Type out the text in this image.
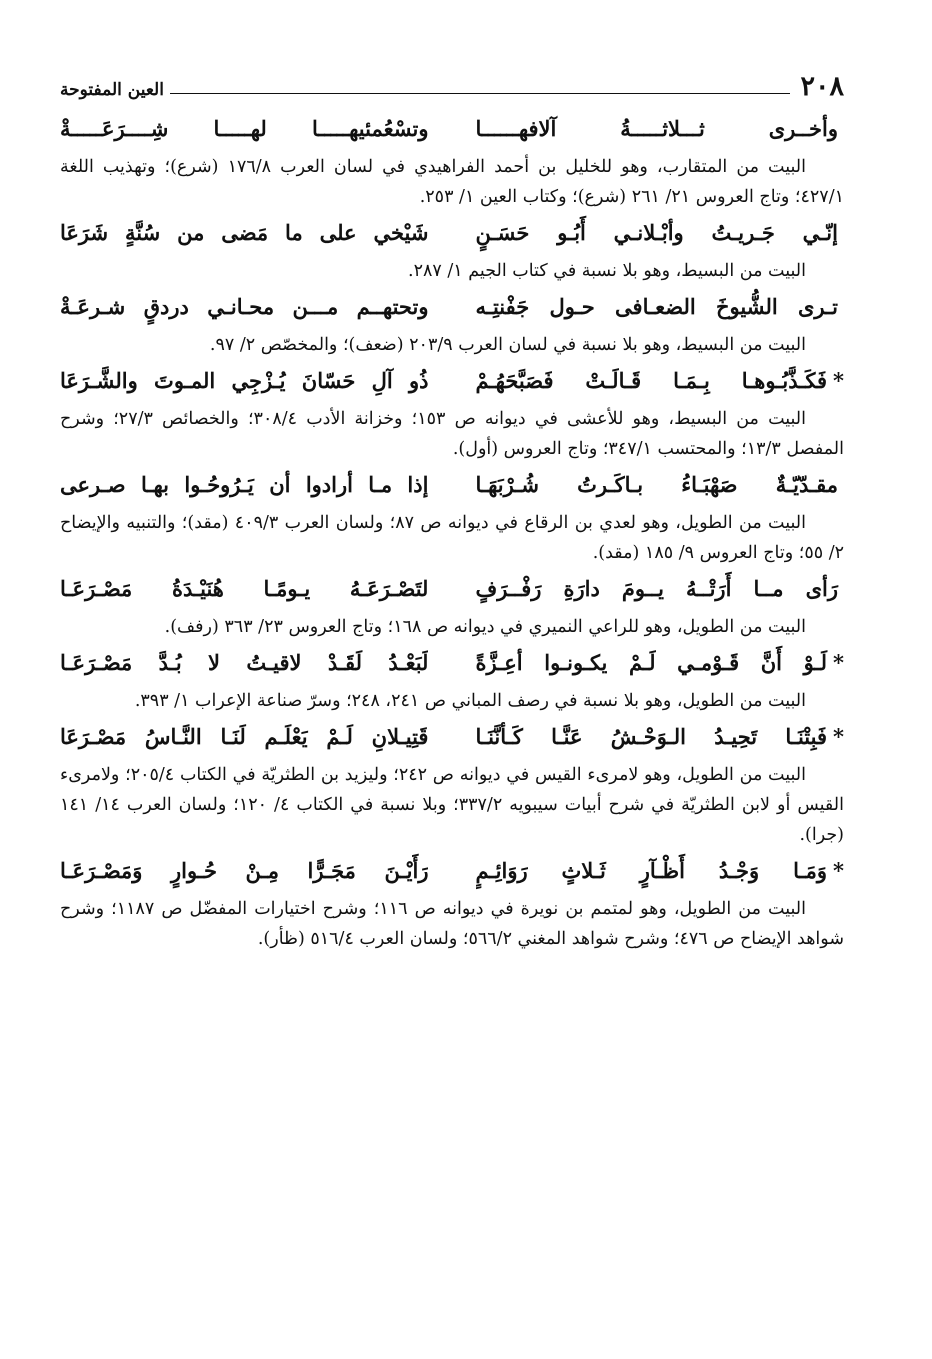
٢٠٨
العين المفتوحة
وأخــرى ثـــلاثـــــةُ آلافهــــــا
وتسْعُمئيهـــــا لهـــــا شِــــرَعَـــــةْ

البيت من المتقارب، وهو للخليل بن أحمد الفراهيدي في لسان العرب ١٧٦/٨ (شرع)؛ وتهذيب اللغة ٤٢٧/١؛ وتاج العروس ٢١/ ٢٦١ (شرع)؛ وكتاب العين ١/ ٢٥٣.

إنّـي جَـريـتُ وأبْـلانـي أَبُـو حَسَـنٍ
شَيْخي على ما مَضى من سُنَّةٍ شَرَعَا

البيت من البسيط، وهو بلا نسبة في كتاب الجيم ١/ ٢٨٧.

تـرى الشُّيوخَ الضعـافى حـول جَفْنتِـه
وتحتهــم مـــن محـانـي دردقٍ شـرعَـةْ

البيت من البسيط، وهو بلا نسبة في لسان العرب ٢٠٣/٩ (ضعف)؛ والمخصّص ٢/ ٩٧.

*فَكَـذَّبُـوهـا بِـمَـا قَـالَـتْ فَصَبَّحَهُـمْ
ذُو آلِ حَسّانَ يُـزْجِي المـوتَ والشَّـرَعَا

البيت من البسيط، وهو للأعشى في ديوانه ص ١٥٣؛ وخزانة الأدب ٣٠٨/٤؛ والخصائص ٢٧/٣؛ وشرح المفصل ١٣/٣؛ والمحتسب ٣٤٧/١؛ وتاج العروس (أول).

مقـدّيّـةٌ صَهْبَـاءُ بـاكَـرتُ شُـرْبَهَـا
إذا مـا أرادوا أن يَـرُوحُـوا بهـا صـرعى

البيت من الطويل، وهو لعدي بن الرقاع في ديوانه ص ٨٧؛ ولسان العرب ٤٠٩/٣ (مقد)؛ والتنبيه والإيضاح ٢/ ٥٥؛ وتاج العروس ٩/ ١٨٥ (مقد).

رَأى مــا أَرَتْــهُ يــومَ دارَةِ رَفْــرَفٍ
لتَصْـرَعَـهُ يـومًـا هُنَيْـدَةُ مَصْـرَعَـا

البيت من الطويل، وهو للراعي النميري في ديوانه ص ١٦٨؛ وتاج العروس ٢٣/ ٣٦٣ (رفف).

*لَـوْ أَنَّ قَـوْمـي لَـمْ يكـونـوا أعِـزَّةً
لَبَعْـدُ لَقَـدْ لاقيـتُ لا بُـدَّ مَصْـرَعَـا

البيت من الطويل، وهو بلا نسبة في رصف المباني ص ٢٤١، ٢٤٨؛ وسرّ صناعة الإعراب ١/ ٣٩٣.

*فَبِتْنَـا تَحِيـدُ الـوَحْـشُ عَنَّـا كَـأنَّنَـا
قَتِيـلانِ لَـمْ يَعْلَـم لَنَـا النَّـاسُ مَصْـرَعَا

البيت من الطويل، وهو لامرىء القيس في ديوانه ص ٢٤٢؛ وليزيد بن الطثريّة في الكتاب ٢٠٥/٤؛ ولامرىء القيس أو لابن الطثريّة في شرح أبيات سيبويه ٣٣٧/٢؛ وبلا نسبة في الكتاب ٤/ ١٢٠؛ ولسان العرب ١٤/ ١٤١ (جرا).

*وَمَـا وَجْـدُ أَظْـآرٍ ثَـلاثٍ رَوَائِـمٍ
رَأَيْـنَ مَجَـرًّا مِـنْ حُـوارٍ وَمَصْـرَعَـا

البيت من الطويل، وهو لمتمم بن نويرة في ديوانه ص ١١٦؛ وشرح اختيارات المفضّل ص ١١٨٧؛ وشرح شواهد الإيضاح ص ٤٧٦؛ وشرح شواهد المغني ٥٦٦/٢؛ ولسان العرب ٥١٦/٤ (ظأر).
